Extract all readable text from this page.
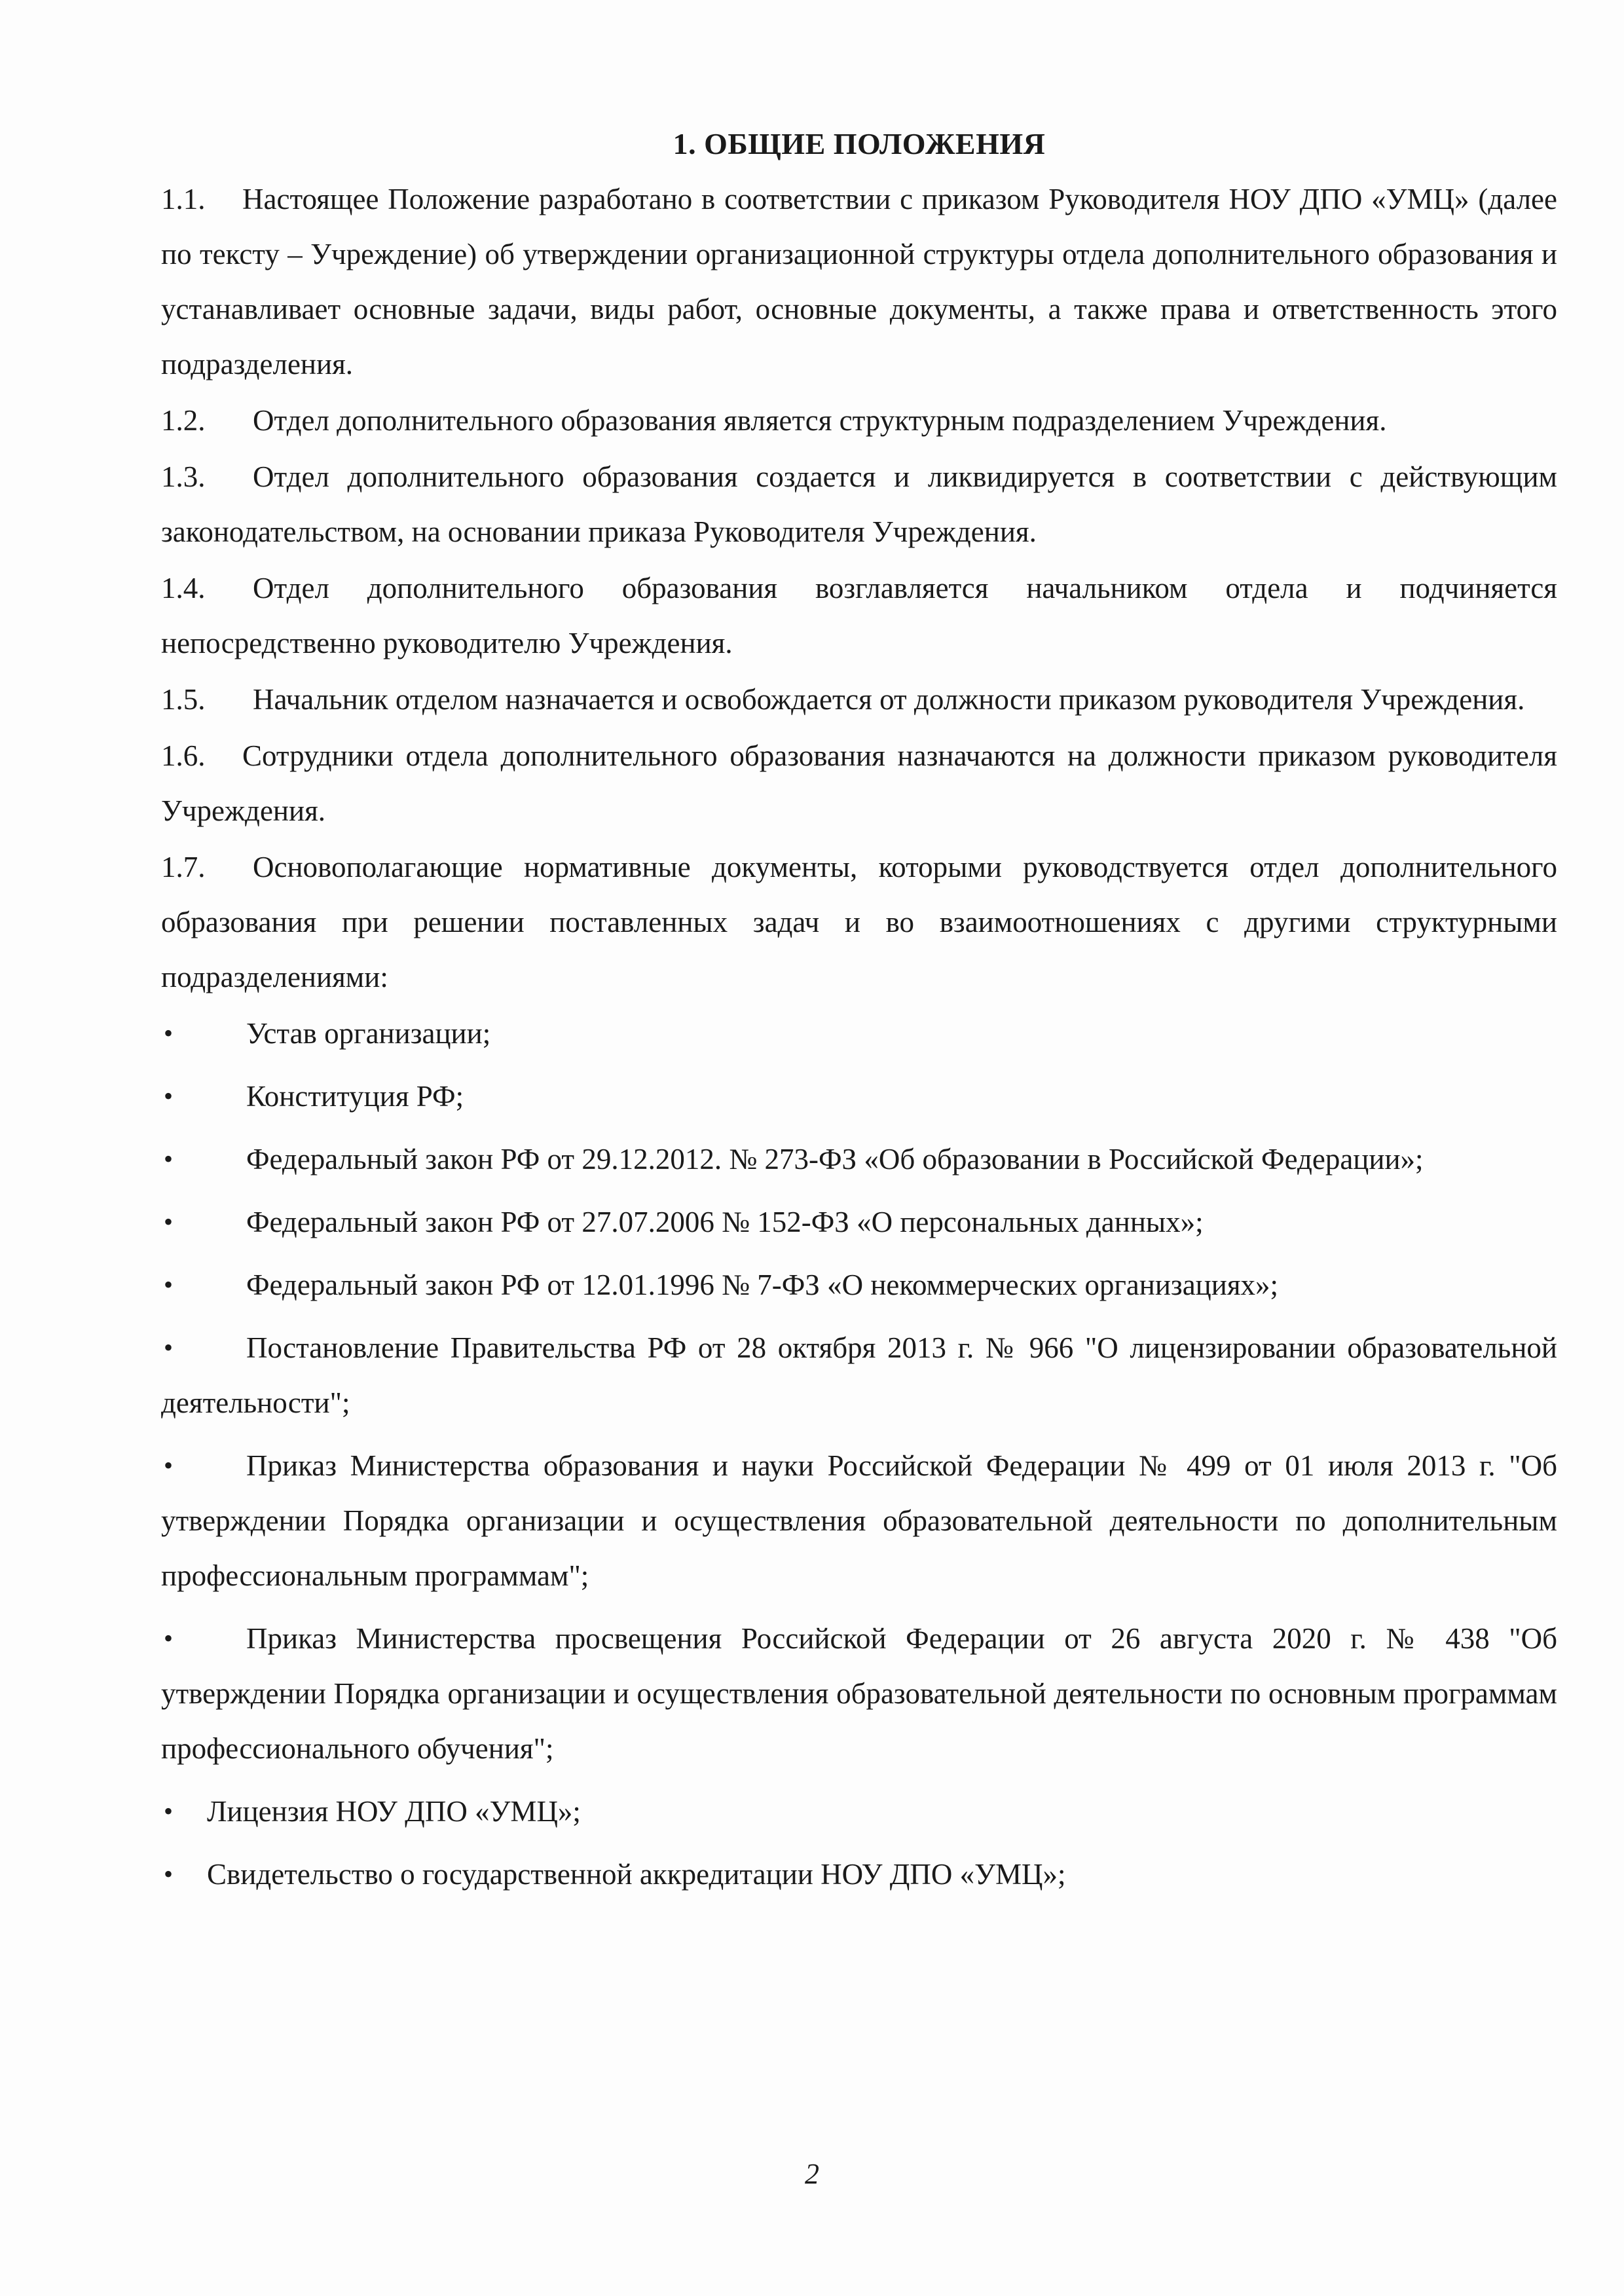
1. ОБЩИЕ ПОЛОЖЕНИЯ
1.1. Настоящее Положение разработано в соответствии с приказом Руководителя НОУ ДПО «УМЦ» (далее по тексту – Учреждение) об утверждении организационной структуры отдела дополнительного образования и устанавливает основные задачи, виды работ, основные документы, а также права и ответственность этого подразделения.
1.2. Отдел дополнительного образования является структурным подразделением Учреждения.
1.3. Отдел дополнительного образования создается и ликвидируется в соответствии с действующим законодательством, на основании приказа Руководителя Учреждения.
1.4. Отдел дополнительного образования возглавляется начальником отдела и подчиняется непосредственно руководителю Учреждения.
1.5. Начальник отделом назначается и освобождается от должности приказом руководителя Учреждения.
1.6. Сотрудники отдела дополнительного образования назначаются на должности приказом руководителя Учреждения.
1.7. Основополагающие нормативные документы, которыми руководствуется отдел дополнительного образования при решении поставленных задач и во взаимоотношениях с другими структурными подразделениями:
• Устав организации;
• Конституция РФ;
• Федеральный закон РФ от 29.12.2012. № 273-ФЗ «Об образовании в Российской Федерации»;
• Федеральный закон РФ от 27.07.2006 № 152-ФЗ «О персональных данных»;
• Федеральный закон РФ от 12.01.1996 № 7-ФЗ «О некоммерческих организациях»;
• Постановление Правительства РФ от 28 октября 2013 г. № 966 "О лицензировании образовательной деятельности";
• Приказ Министерства образования и науки Российской Федерации № 499 от 01 июля 2013 г. "Об утверждении Порядка организации и осуществления образовательной деятельности по дополнительным профессиональным программам";
• Приказ Министерства просвещения Российской Федерации от 26 августа 2020 г. № 438 "Об утверждении Порядка организации и осуществления образовательной деятельности по основным программам профессионального обучения";
• Лицензия НОУ ДПО «УМЦ»;
• Свидетельство о государственной аккредитации НОУ ДПО «УМЦ»;
2
